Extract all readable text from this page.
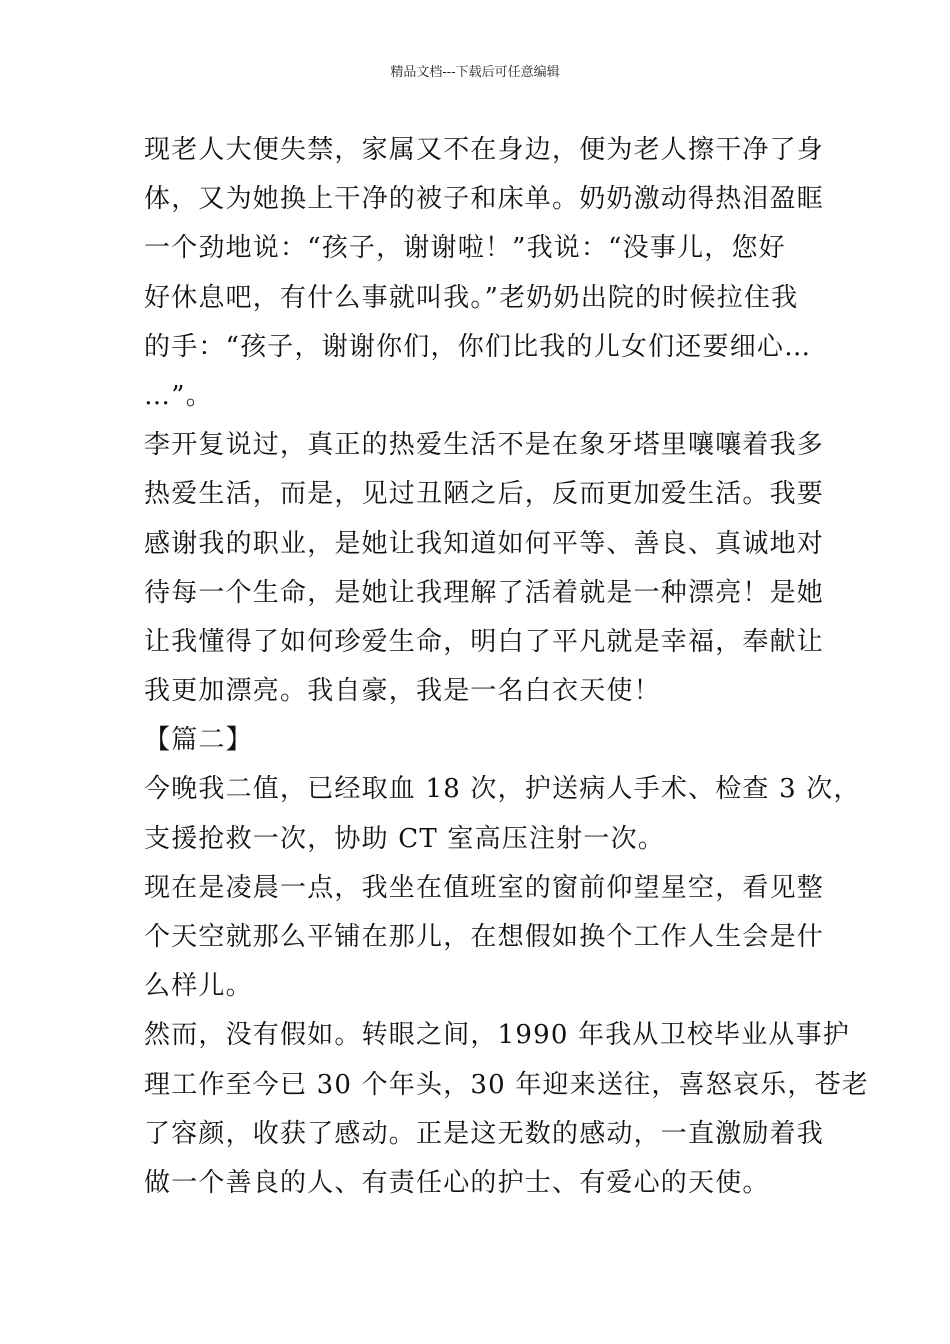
精品文档---下载后可任意编辑
现老人大便失禁，家属又不在身边，便为老人擦干净了身
体，又为她换上干净的被子和床单。奶奶激动得热泪盈眶
一个劲地说：“孩子，谢谢啦！”我说：“没事儿，您好
好休息吧，有什么事就叫我。”老奶奶出院的时候拉住我
的手：“孩子，谢谢你们，你们比我的儿女们还要细心…
…”。
李开复说过，真正的热爱生活不是在象牙塔里嚷嚷着我多
热爱生活，而是，见过丑陋之后，反而更加爱生活。我要
感谢我的职业，是她让我知道如何平等、善良、真诚地对
待每一个生命，是她让我理解了活着就是一种漂亮！是她
让我懂得了如何珍爱生命，明白了平凡就是幸福，奉献让
我更加漂亮。我自豪，我是一名白衣天使！
【篇二】
今晚我二值，已经取血 18 次，护送病人手术、检查 3 次，
支援抢救一次，协助 CT 室高压注射一次。
现在是凌晨一点，我坐在值班室的窗前仰望星空，看见整
个天空就那么平铺在那儿，在想假如换个工作人生会是什
么样儿。
然而，没有假如。转眼之间，1990 年我从卫校毕业从事护
理工作至今已 30 个年头，30 年迎来送往，喜怒哀乐，苍老
了容颜，收获了感动。正是这无数的感动，一直激励着我
做一个善良的人、有责任心的护士、有爱心的天使。
